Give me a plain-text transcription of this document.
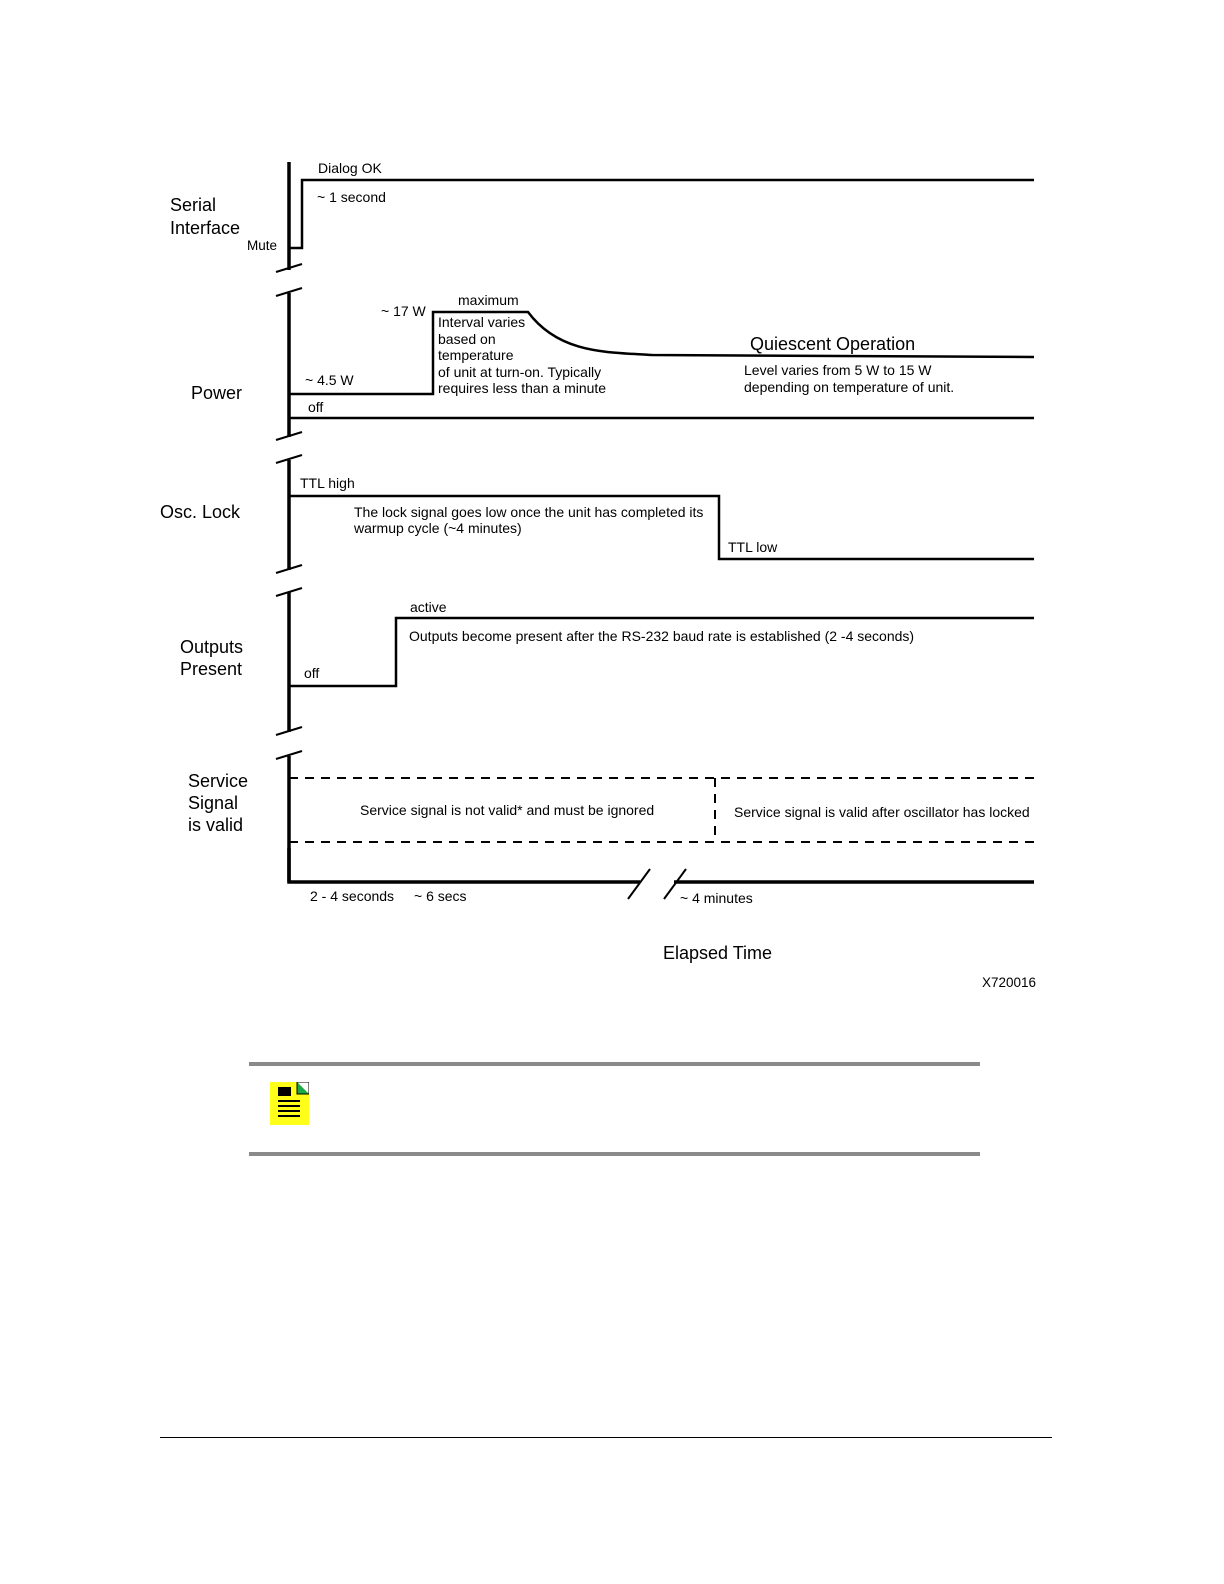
Serial
Interface
Mute
Dialog OK
~ 1 second
Power
off
~ 4.5 W
~ 17 W
maximum
Interval varies
based on
temperature
of unit at turn-on. Typically
requires less than a minute
Quiescent Operation
Level varies from 5 W to 15 W
depending on temperature of unit.
Osc. Lock
TTL high
The lock signal goes low once the unit has completed its
warmup cycle (~4 minutes)
TTL low
Outputs
Present	off
active
Outputs become present after the RS-232 baud rate is established (2 -4 seconds)
Service
Signal
is valid
Service signal is not valid* and must be ignored	Service signal is valid after oscillator has locked
2 - 4 seconds ~ 6 secs	~ 4 minutes
Elapsed Time
X720016
